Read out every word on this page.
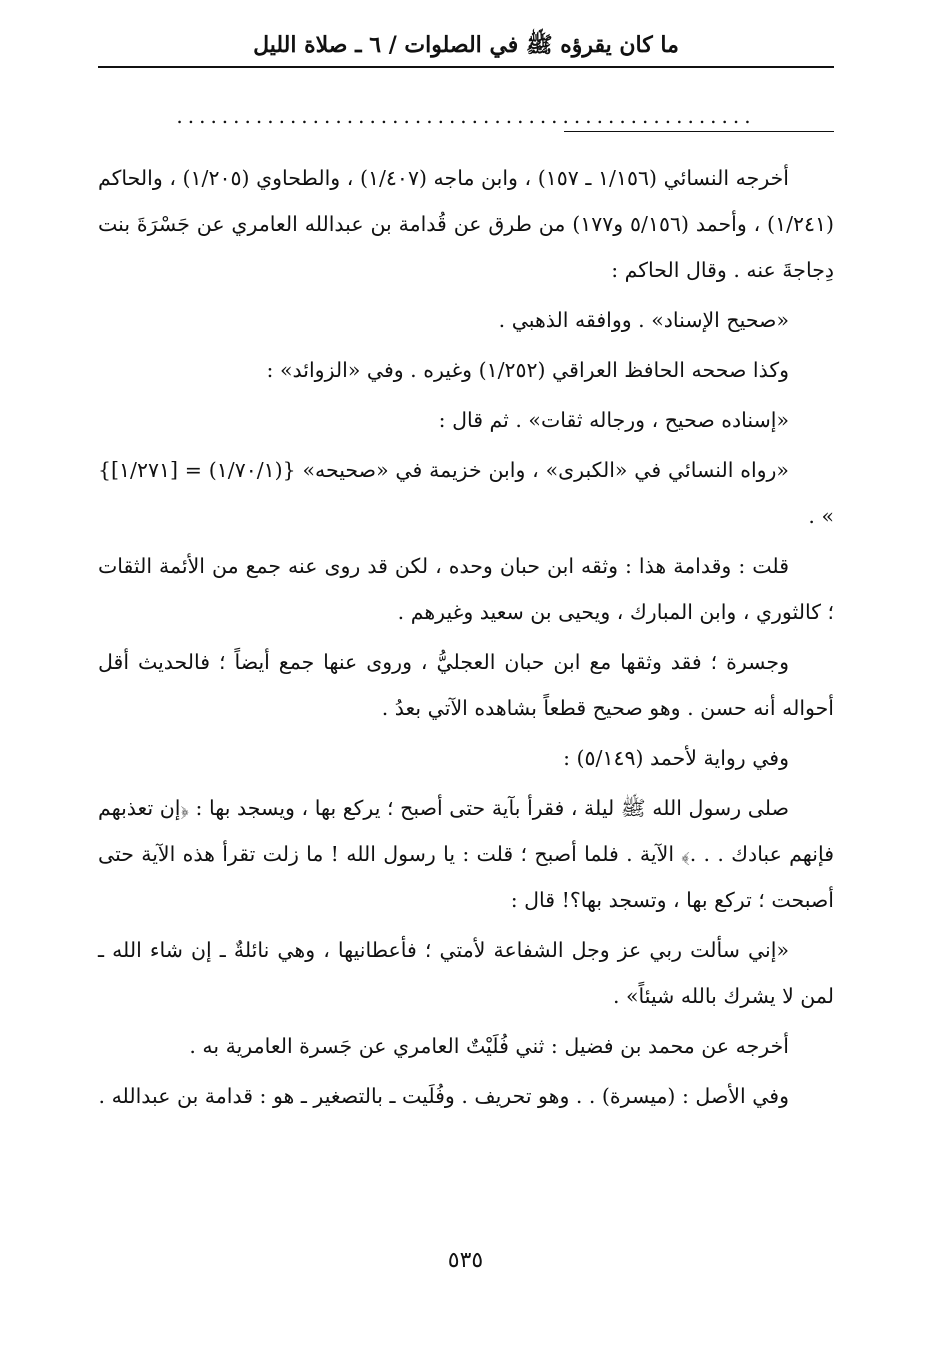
ما كان يقرؤه ﷺ في الصلوات / ٦ ـ صلاة الليل
...................................................

أخرجه النسائي (١/١٥٦ ـ ١٥٧) ، وابن ماجه (١/٤٠٧) ، والطحاوي (١/٢٠٥) ، والحاكم (١/٢٤١) ، وأحمد (٥/١٥٦ و١٧٧) من طرق عن قُدامة بن عبدالله العامري عن جَسْرَةَ بنت دِجاجةَ عنه . وقال الحاكم :

«صحيح الإسناد» . ووافقه الذهبي .

وكذا صححه الحافظ العراقي (١/٢٥٢) وغيره . وفي «الزوائد» :

«إسناده صحيح ، ورجاله ثقات» . ثم قال :

«رواه النسائي في «الكبرى» ، وابن خزيمة في «صحيحه» {(١/٧٠/١) = [١/٢٧١]} » .

قلت : وقدامة هذا : وثقه ابن حبان وحده ، لكن قد روى عنه جمع من الأئمة الثقات ؛ كالثوري ، وابن المبارك ، ويحيى بن سعيد وغيرهم .

وجسرة ؛ فقد وثقها مع ابن حبان العجليُّ ، وروى عنها جمع أيضاً ؛ فالحديث أقل أحواله أنه حسن . وهو صحيح قطعاً بشاهده الآتي بعدُ .

وفي رواية لأحمد (٥/١٤٩) :

صلى رسول الله ﷺ ليلة ، فقرأ بآية حتى أصبح ؛ يركع بها ، ويسجد بها : ﴿إن تعذبهم فإنهم عبادك . . .﴾ الآية . فلما أصبح ؛ قلت : يا رسول الله ! ما زلت تقرأ هذه الآية حتى أصبحت ؛ تركع بها ، وتسجد بها؟! قال :

«إني سألت ربي عز وجل الشفاعة لأمتي ؛ فأعطانيها ، وهي نائلةٌ ـ إن شاء الله ـ لمن لا يشرك بالله شيئاً» .

أخرجه عن محمد بن فضيل : ثني فُلَيْتٌ العامري عن جَسرة العامرية به .

وفي الأصل : (ميسرة) . . وهو تحريف . وفُلَيت ـ بالتصغير ـ هو : قدامة بن عبدالله .

٥٣٥
